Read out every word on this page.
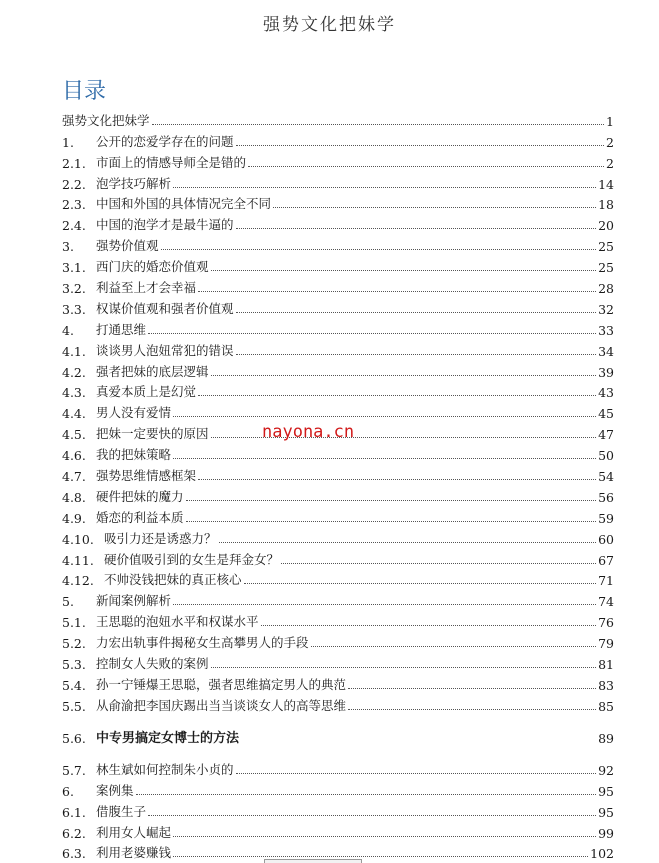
强势文化把妹学
目录
强势文化把妹学	1
1.	公开的恋爱学存在的问题	2
2.1. 市面上的情感导师全是错的	2
2.2. 泡学技巧解析	14
2.3. 中国和外国的具体情况完全不同	18
2.4. 中国的泡学才是最牛逼的	20
3.	强势价值观	25
3.1. 西门庆的婚恋价值观	25
3.2. 利益至上才会幸福	28
3.3. 权谋价值观和强者价值观	32
4.	打通思维	33
4.1. 谈谈男人泡妞常犯的错误	34
4.2. 强者把妹的底层逻辑	39
4.3. 真爱本质上是幻觉	43
4.4. 男人没有爱情	45
4.5. 把妹一定要快的原因	47
4.6. 我的把妹策略	50
4.7. 强势思维情感框架	54
4.8. 硬件把妹的魔力	56
4.9. 婚恋的利益本质	59
4.10. 吸引力还是诱惑力？	60
4.11. 硬价值吸引到的女生是拜金女？	67
4.12. 不帅没钱把妹的真正核心	71
5.	新闻案例解析	74
5.1. 王思聪的泡妞水平和权谋水平	76
5.2. 力宏出轨事件揭秘女生高攀男人的手段	79
5.3. 控制女人失败的案例	81
5.4. 孙一宁锤爆王思聪，强者思维搞定男人的典范	83
5.5. 从俞渝把李国庆踢出当当谈谈女人的高等思维	85
5.6. 中专男搞定女博士的方法	89
5.7. 林生斌如何控制朱小贞的	92
6.	案例集	95
6.1. 借腹生子	95
6.2. 利用女人崛起	99
6.3. 利用老婆赚钱	102
nayona.cn
